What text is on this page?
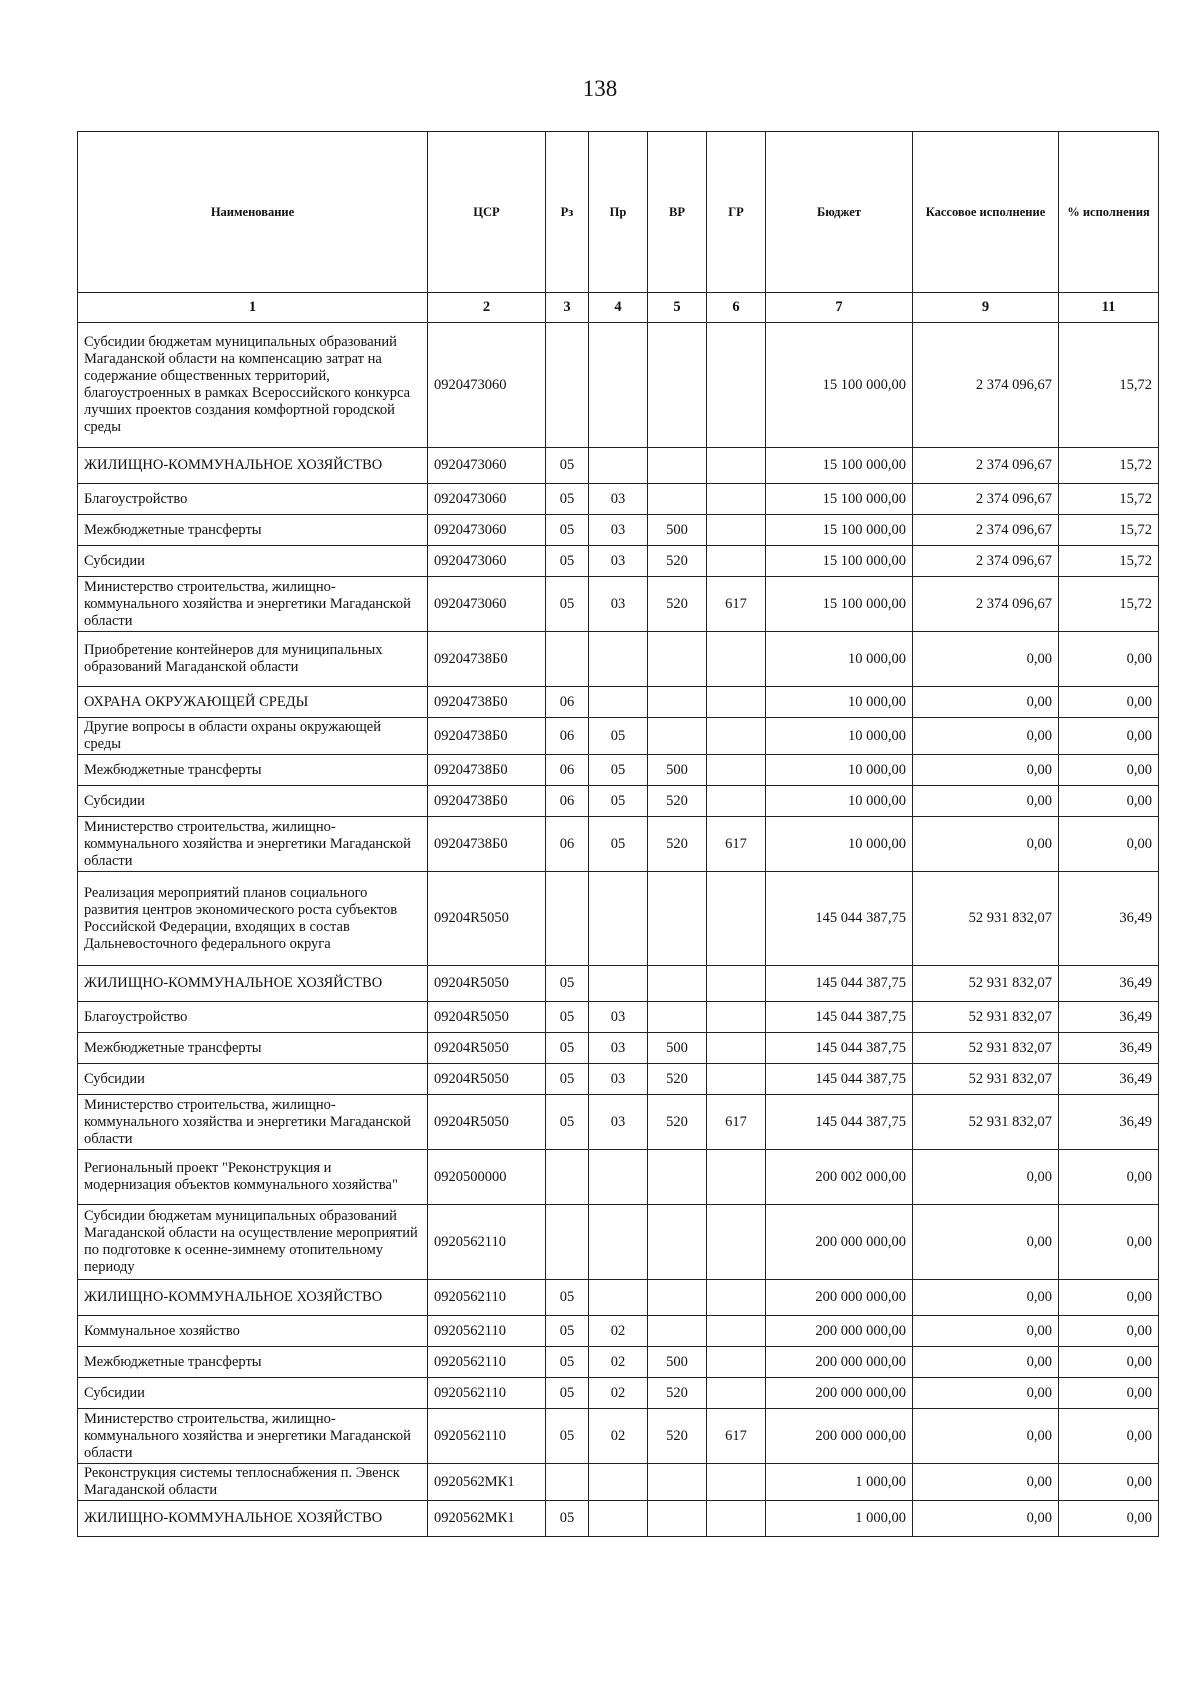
138
Наименование	ЦСР	Рз	Пр	ВР	ГР	Бюджет	Кассовое исполнение	% исполнения
1	2	3	4	5	6	7	9	11
Субсидии бюджетам муниципальных образований Магаданской области на компенсацию затрат на содержание общественных территорий, благоустроенных в рамках Всероссийского конкурса лучших проектов создания комфортной городской среды	0920473060					15 100 000,00	2 374 096,67	15,72
ЖИЛИЩНО-КОММУНАЛЬНОЕ ХОЗЯЙСТВО	0920473060	05				15 100 000,00	2 374 096,67	15,72
Благоустройство	0920473060	05	03			15 100 000,00	2 374 096,67	15,72
Межбюджетные трансферты	0920473060	05	03	500		15 100 000,00	2 374 096,67	15,72
Субсидии	0920473060	05	03	520		15 100 000,00	2 374 096,67	15,72
Министерство строительства, жилищно-коммунального хозяйства и энергетики Магаданской области	0920473060	05	03	520	617	15 100 000,00	2 374 096,67	15,72
Приобретение контейнеров для муниципальных образований Магаданской области	09204738Б0					10 000,00	0,00	0,00
ОХРАНА ОКРУЖАЮЩЕЙ СРЕДЫ	09204738Б0	06				10 000,00	0,00	0,00
Другие вопросы в области охраны окружающей среды	09204738Б0	06	05			10 000,00	0,00	0,00
Межбюджетные трансферты	09204738Б0	06	05	500		10 000,00	0,00	0,00
Субсидии	09204738Б0	06	05	520		10 000,00	0,00	0,00
Министерство строительства, жилищно-коммунального хозяйства и энергетики Магаданской области	09204738Б0	06	05	520	617	10 000,00	0,00	0,00
Реализация мероприятий планов социального развития центров экономического роста субъектов Российской Федерации, входящих в состав Дальневосточного федерального округа	09204R5050					145 044 387,75	52 931 832,07	36,49
ЖИЛИЩНО-КОММУНАЛЬНОЕ ХОЗЯЙСТВО	09204R5050	05				145 044 387,75	52 931 832,07	36,49
Благоустройство	09204R5050	05	03			145 044 387,75	52 931 832,07	36,49
Межбюджетные трансферты	09204R5050	05	03	500		145 044 387,75	52 931 832,07	36,49
Субсидии	09204R5050	05	03	520		145 044 387,75	52 931 832,07	36,49
Министерство строительства, жилищно-коммунального хозяйства и энергетики Магаданской области	09204R5050	05	03	520	617	145 044 387,75	52 931 832,07	36,49
Региональный проект "Реконструкция и модернизация объектов коммунального хозяйства"	0920500000					200 002 000,00	0,00	0,00
Субсидии бюджетам муниципальных образований Магаданской области на осуществление мероприятий по подготовке к осенне-зимнему отопительному периоду	0920562110					200 000 000,00	0,00	0,00
ЖИЛИЩНО-КОММУНАЛЬНОЕ ХОЗЯЙСТВО	0920562110	05				200 000 000,00	0,00	0,00
Коммунальное хозяйство	0920562110	05	02			200 000 000,00	0,00	0,00
Межбюджетные трансферты	0920562110	05	02	500		200 000 000,00	0,00	0,00
Субсидии	0920562110	05	02	520		200 000 000,00	0,00	0,00
Министерство строительства, жилищно-коммунального хозяйства и энергетики Магаданской области	0920562110	05	02	520	617	200 000 000,00	0,00	0,00
Реконструкция системы теплоснабжения п. Эвенск Магаданской области	0920562МК1					1 000,00	0,00	0,00
ЖИЛИЩНО-КОММУНАЛЬНОЕ ХОЗЯЙСТВО	0920562МК1	05				1 000,00	0,00	0,00
